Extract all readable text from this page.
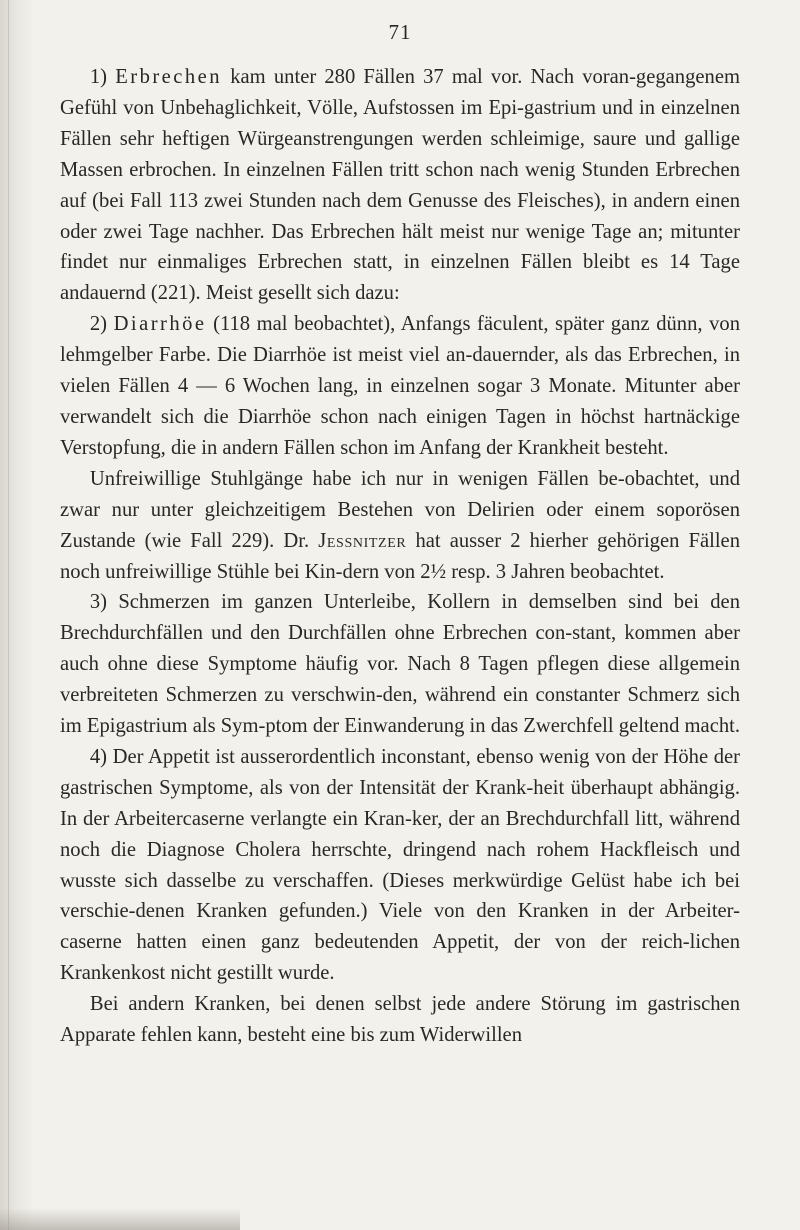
71

1) Erbrechen kam unter 280 Fällen 37 mal vor. Nach voran-gegangenem Gefühl von Unbehaglichkeit, Völle, Aufstossen im Epi-gastrium und in einzelnen Fällen sehr heftigen Würgeanstrengungen werden schleimige, saure und gallige Massen erbrochen. In einzelnen Fällen tritt schon nach wenig Stunden Erbrechen auf (bei Fall 113 zwei Stunden nach dem Genusse des Fleisches), in andern einen oder zwei Tage nachher. Das Erbrechen hält meist nur wenige Tage an; mitunter findet nur einmaliges Erbrechen statt, in einzelnen Fällen bleibt es 14 Tage andauernd (221). Meist gesellt sich dazu:

2) Diarrhöe (118 mal beobachtet), Anfangs fäculent, später ganz dünn, von lehmgelber Farbe. Die Diarrhöe ist meist viel an-dauernder, als das Erbrechen, in vielen Fällen 4 — 6 Wochen lang, in einzelnen sogar 3 Monate. Mitunter aber verwandelt sich die Diarrhöe schon nach einigen Tagen in höchst hartnäckige Verstopfung, die in andern Fällen schon im Anfang der Krankheit besteht.

Unfreiwillige Stuhlgänge habe ich nur in wenigen Fällen be-obachtet, und zwar nur unter gleichzeitigem Bestehen von Delirien oder einem soporösen Zustande (wie Fall 229). Dr. Jessnitzer hat ausser 2 hierher gehörigen Fällen noch unfreiwillige Stühle bei Kin-dern von 2½ resp. 3 Jahren beobachtet.

3) Schmerzen im ganzen Unterleibe, Kollern in demselben sind bei den Brechdurchfällen und den Durchfällen ohne Erbrechen con-stant, kommen aber auch ohne diese Symptome häufig vor. Nach 8 Tagen pflegen diese allgemein verbreiteten Schmerzen zu verschwin-den, während ein constanter Schmerz sich im Epigastrium als Sym-ptom der Einwanderung in das Zwerchfell geltend macht.

4) Der Appetit ist ausserordentlich inconstant, ebenso wenig von der Höhe der gastrischen Symptome, als von der Intensität der Krank-heit überhaupt abhängig. In der Arbeitercaserne verlangte ein Kran-ker, der an Brechdurchfall litt, während noch die Diagnose Cholera herrschte, dringend nach rohem Hackfleisch und wusste sich dasselbe zu verschaffen. (Dieses merkwürdige Gelüst habe ich bei verschie-denen Kranken gefunden.) Viele von den Kranken in der Arbeiter-caserne hatten einen ganz bedeutenden Appetit, der von der reich-lichen Krankenkost nicht gestillt wurde.

Bei andern Kranken, bei denen selbst jede andere Störung im gastrischen Apparate fehlen kann, besteht eine bis zum Widerwillen
